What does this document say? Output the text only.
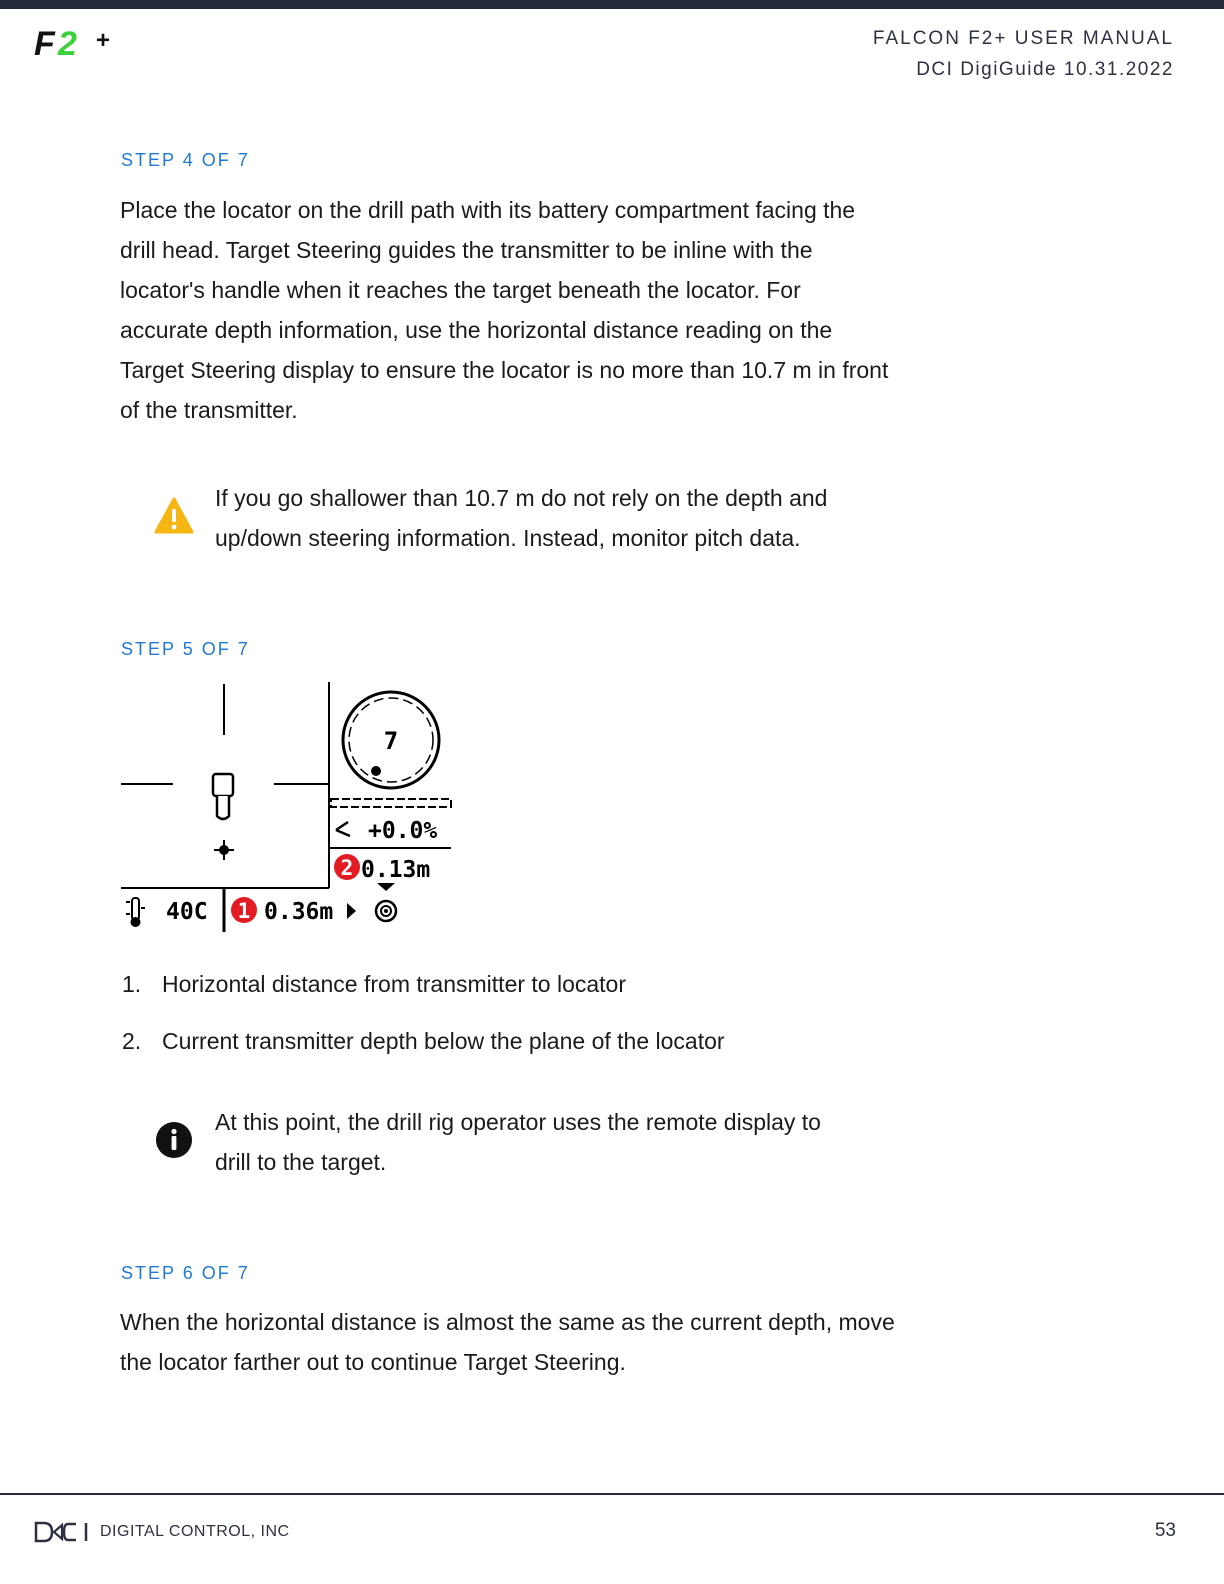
F 2 +	FALCON F2+ USER MANUAL
DCI DigiGuide 10.31.2022
STEP 4 OF 7
Place the locator on the drill path with its battery compartment facing the
drill head. Target Steering guides the transmitter to be inline with the
locator's handle when it reaches the target beneath the locator. For
accurate depth information, use the horizontal distance reading on the
Target Steering display to ensure the locator is no more than 10.7 m in front
of the transmitter.
If you go shallower than 10.7 m do not rely on the depth and
up/down steering information. Instead, monitor pitch data.
STEP 5 OF 7
7
+0.0%
2 0.13m
40C 1 0.36m
1. Horizontal distance from transmitter to locator
2. Current transmitter depth below the plane of the locator
At this point, the drill rig operator uses the remote display to
drill to the target.
STEP 6 OF 7
When the horizontal distance is almost the same as the current depth, move
the locator farther out to continue Target Steering.
DIGITAL CONTROL, INC	53
